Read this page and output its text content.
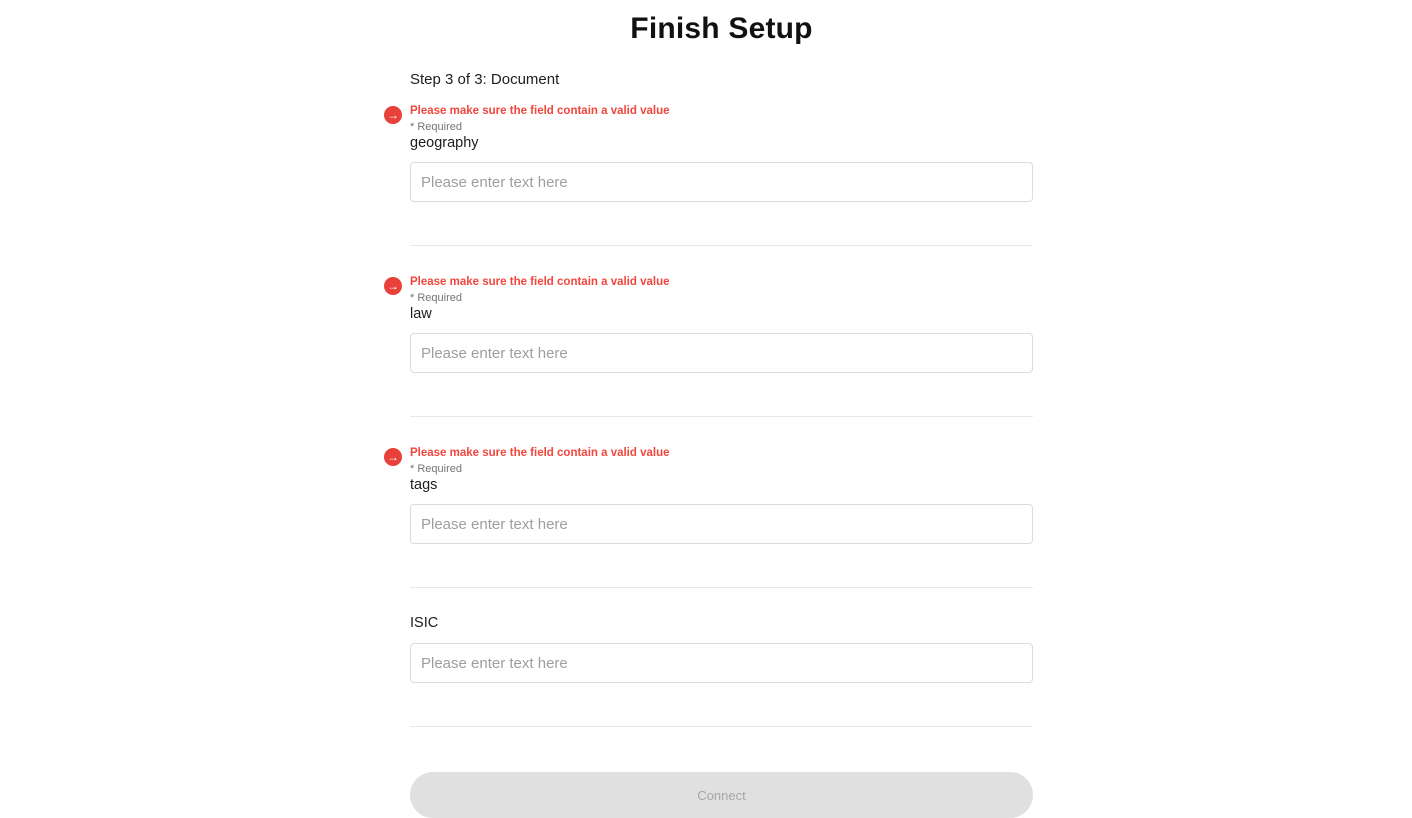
Finish Setup
Step 3 of 3: Document
→ Please make sure the field contain a valid value
* Required
geography
Please enter text here
→ Please make sure the field contain a valid value
* Required
law
Please enter text here
→ Please make sure the field contain a valid value
* Required
tags
Please enter text here
ISIC
Please enter text here
Connect
